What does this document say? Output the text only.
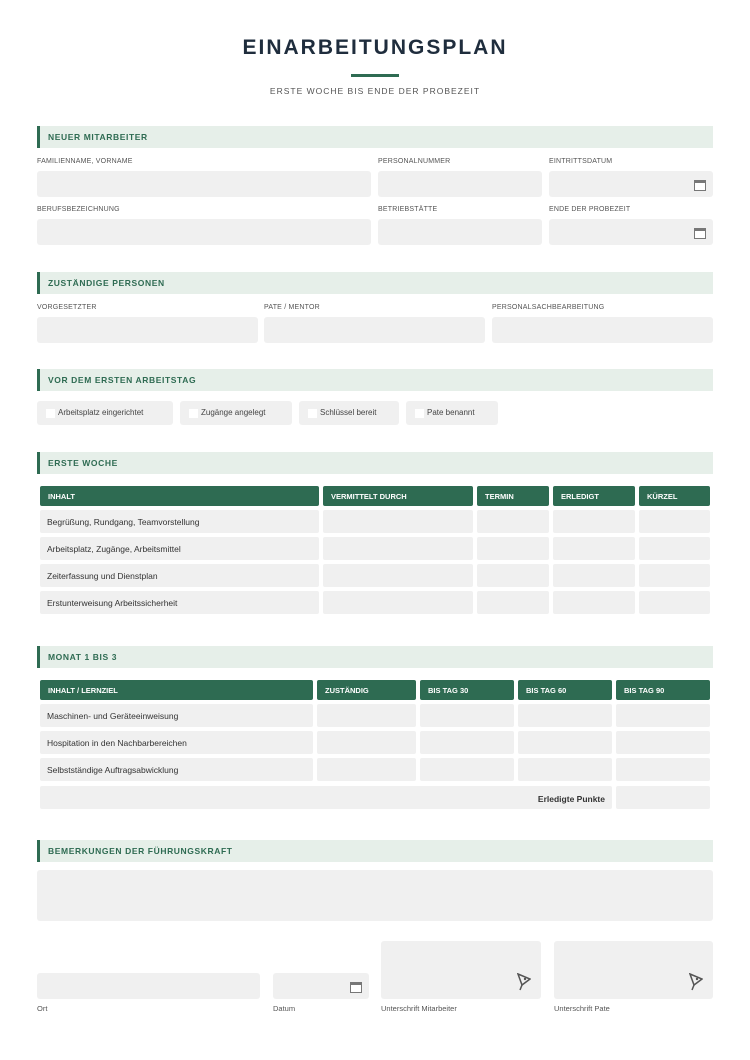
EINARBEITUNGSPLAN
ERSTE WOCHE BIS ENDE DER PROBEZEIT
NEUER MITARBEITER
FAMILIENNAME, VORNAME	PERSONALNUMMER	EINTRITTSDATUM
BERUFSBEZEICHNUNG	BETRIEBSTÄTTE	ENDE DER PROBEZEIT
ZUSTÄNDIGE PERSONEN
VORGESETZTER	PATE / MENTOR	PERSONALSACHBEARBEITUNG
VOR DEM ERSTEN ARBEITSTAG
Arbeitsplatz eingerichtet	Zugänge angelegt	Schlüssel bereit	Pate benannt
ERSTE WOCHE
INHALT	VERMITTELT DURCH	TERMIN	ERLEDIGT	KÜRZEL
Begrüßung, Rundgang, Teamvorstellung
Arbeitsplatz, Zugänge, Arbeitsmittel
Zeiterfassung und Dienstplan
Erstunterweisung Arbeitssicherheit
MONAT 1 BIS 3
INHALT / LERNZIEL	ZUSTÄNDIG	BIS TAG 30	BIS TAG 60	BIS TAG 90
Maschinen- und Geräteeinweisung
Hospitation in den Nachbarbereichen
Selbstständige Auftragsabwicklung
Erledigte Punkte
BEMERKUNGEN DER FÜHRUNGSKRAFT
Ort	Datum	Unterschrift Mitarbeiter	Unterschrift Pate
